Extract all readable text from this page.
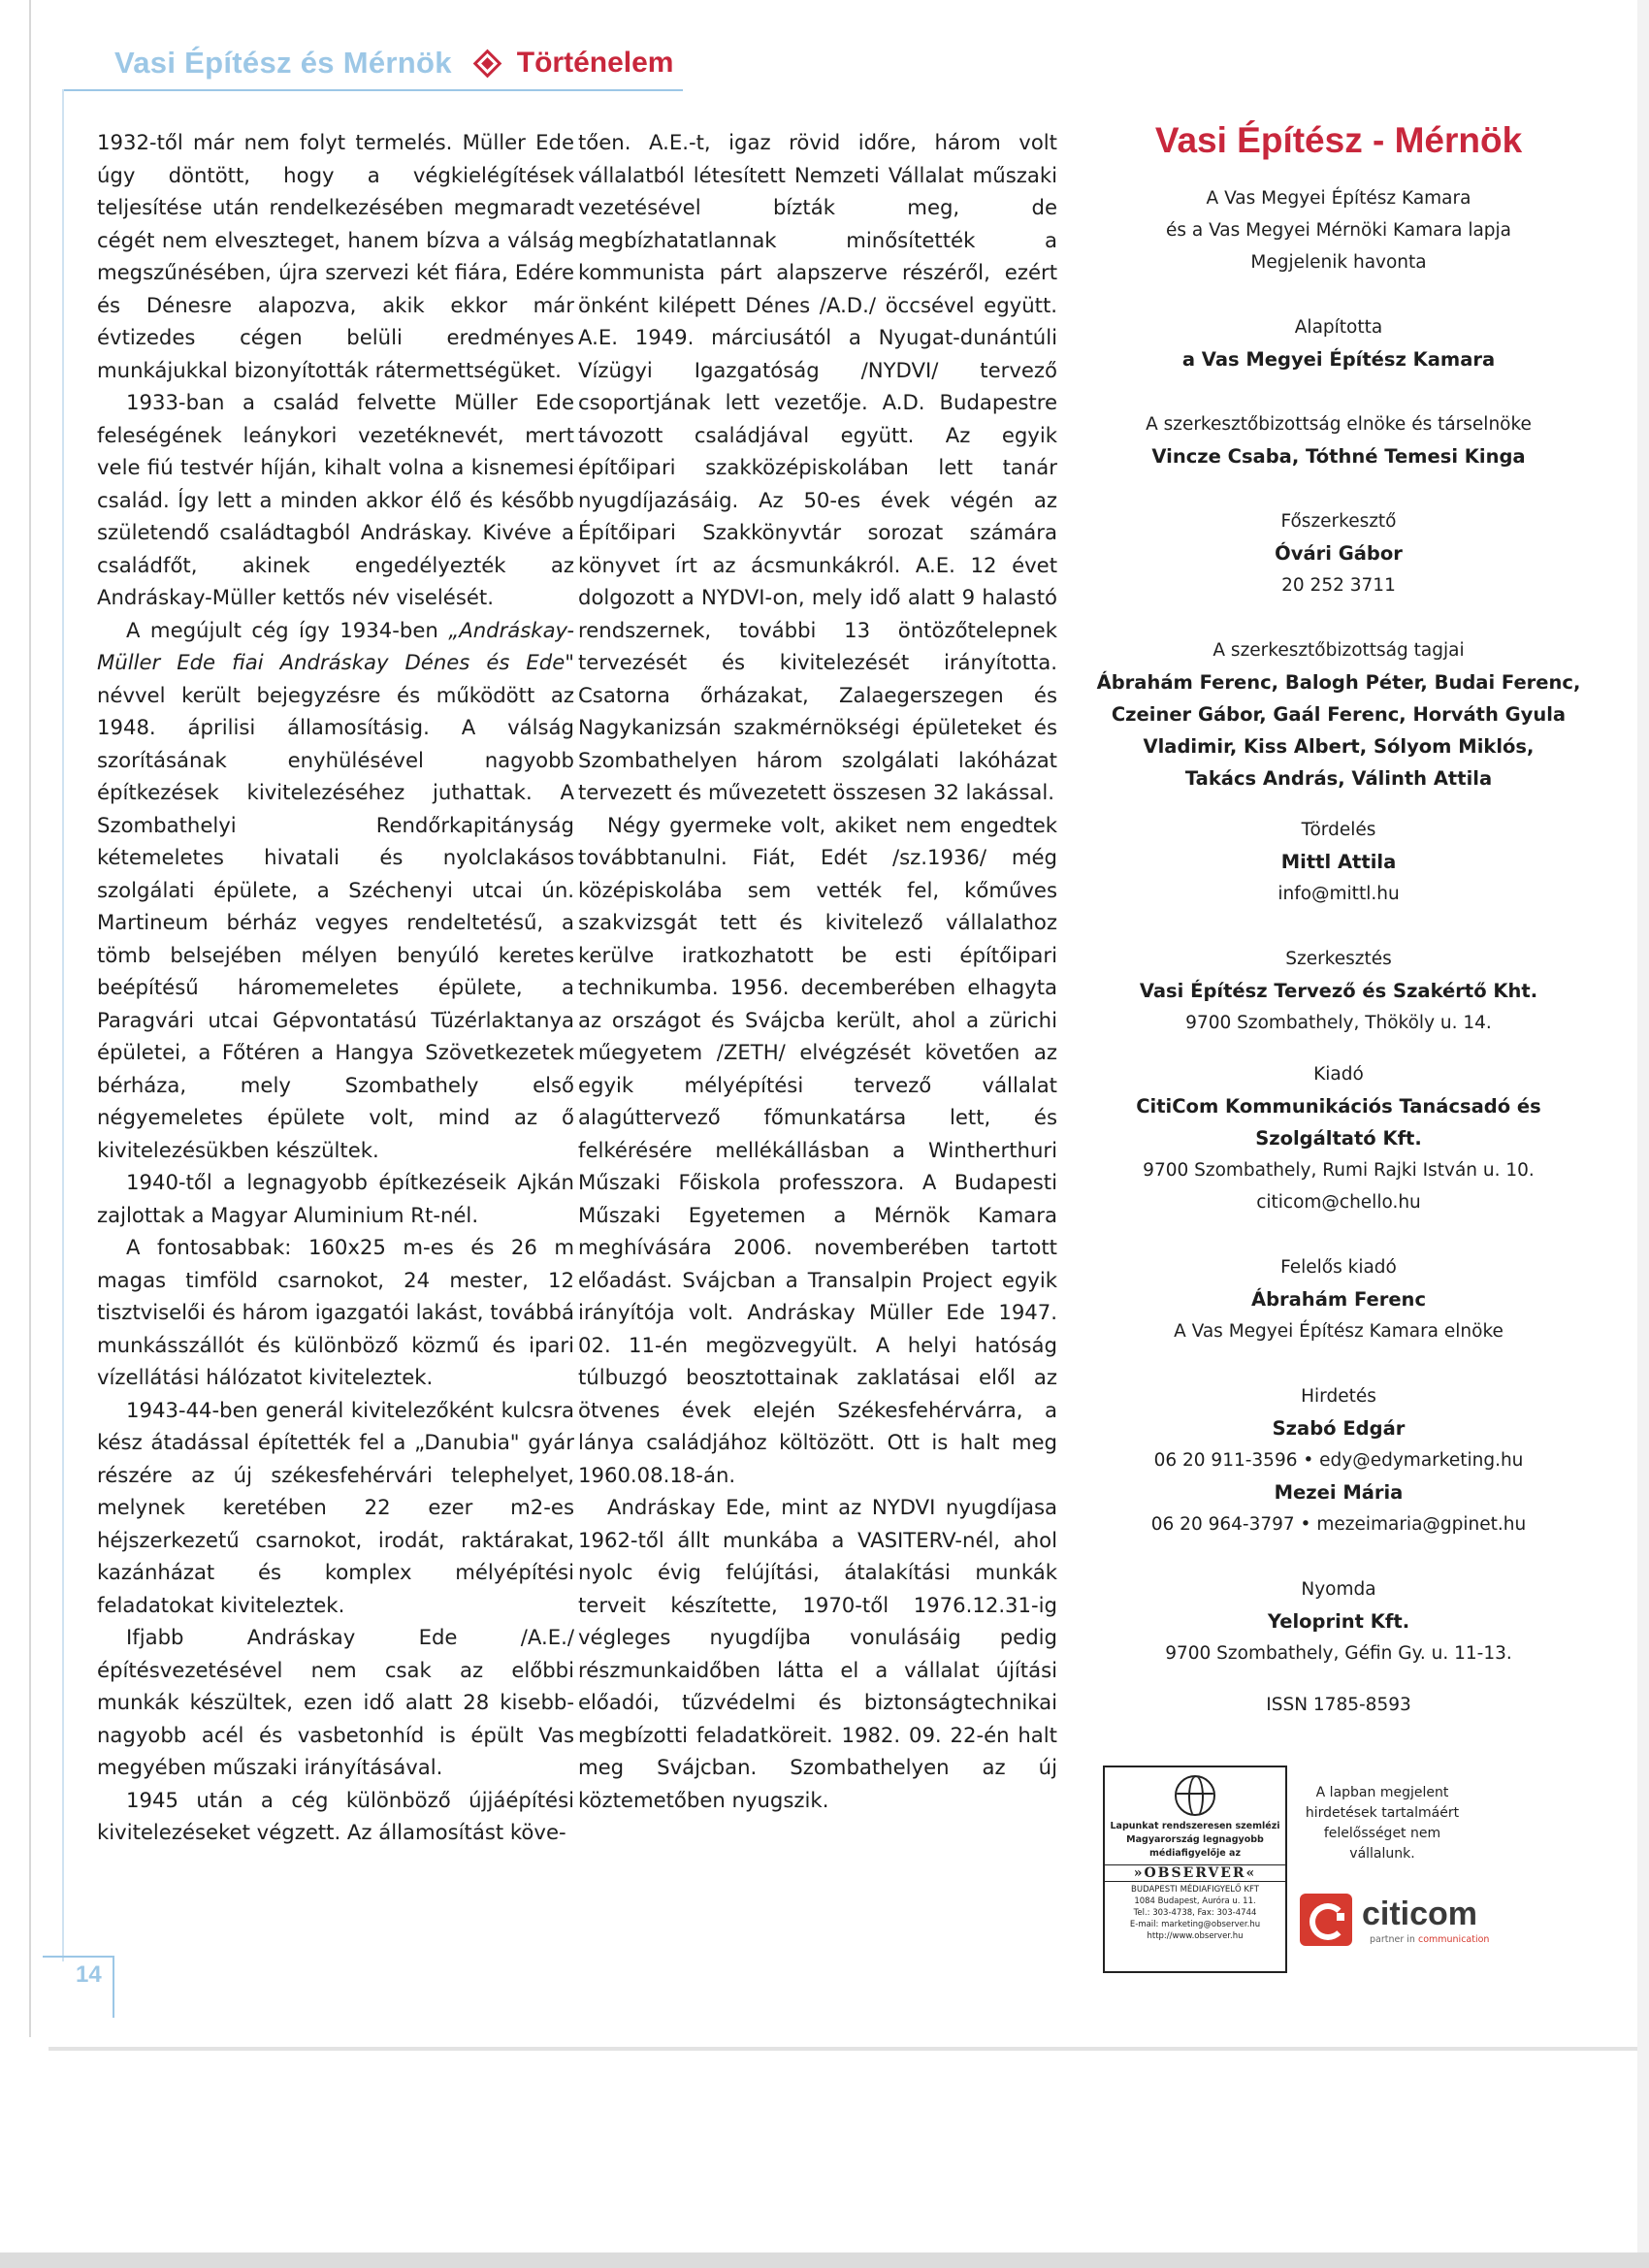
Vasi Építész és Mérnök Történelem

1932-től már nem folyt termelés. Müller Ede úgy döntött, hogy a végkielégítések teljesítése után rendelkezésében megmaradt cégét nem elveszteget, hanem bízva a válság megszűnésében, újra szervezi két fiára, Edére és Dénesre alapozva, akik ekkor már évtizedes cégen belüli eredményes munkájukkal bizonyították rátermettségüket.

1933-ban a család felvette Müller Ede feleségének leánykori vezetéknevét, mert vele fiú testvér híján, kihalt volna a kisnemesi család. Így lett a minden akkor élő és később születendő családtagból Andráskay. Kivéve a családfőt, akinek engedélyezték az Andráskay-Müller kettős név viselését.

A megújult cég így 1934-ben „Andráskay-Müller Ede fiai Andráskay Dénes és Ede" névvel került bejegyzésre és működött az 1948. áprilisi államosításig. A válság szorításának enyhülésével nagyobb építkezések kivitelezéséhez juthattak. A Szombathelyi Rendőrkapitányság kétemeletes hivatali és nyolclakásos szolgálati épülete, a Széchenyi utcai ún. Martineum bérház vegyes rendeltetésű, a tömb belsejében mélyen benyúló keretes beépítésű háromemeletes épülete, a Paragvári utcai Gépvontatású Tüzérlaktanya épületei, a Főtéren a Hangya Szövetkezetek bérháza, mely Szombathely első négyemeletes épülete volt, mind az ő kivitelezésükben készültek.

1940-től a legnagyobb építkezéseik Ajkán zajlottak a Magyar Aluminium Rt-nél.

A fontosabbak: 160x25 m-es és 26 m magas timföld csarnokot, 24 mester, 12 tisztviselői és három igazgatói lakást, továbbá munkásszállót és különböző közmű és ipari vízellátási hálózatot kiviteleztek.

1943-44-ben generál kivitelezőként kulcsra kész átadással építették fel a „Danubia" gyár részére az új székesfehérvári telephelyet, melynek keretében 22 ezer m2-es héjszerkezetű csarnokot, irodát, raktárakat, kazánházat és komplex mélyépítési feladatokat kiviteleztek.

Ifjabb Andráskay Ede /A.E./ építésvezetésével nem csak az előbbi munkák készültek, ezen idő alatt 28 kisebb-nagyobb acél és vasbetonhíd is épült Vas megyében műszaki irányításával.

1945 után a cég különböző újjáépítési kivitelezéseket végzett. Az államosítást köve-

tően. A.E.-t, igaz rövid időre, három volt vállalatból létesített Nemzeti Vállalat műszaki vezetésével bízták meg, de megbízhatatlannak minősítették a kommunista párt alapszerve részéről, ezért önként kilépett Dénes /A.D./ öccsével együtt. A.E. 1949. márciusától a Nyugat-dunántúli Vízügyi Igazgatóság /NYDVI/ tervező csoportjának lett vezetője. A.D. Budapestre távozott családjával együtt. Az egyik építőipari szakközépiskolában lett tanár nyugdíjazásáig. Az 50-es évek végén az Építőipari Szakkönyvtár sorozat számára könyvet írt az ácsmunkákról. A.E. 12 évet dolgozott a NYDVI-on, mely idő alatt 9 halastó rendszernek, további 13 öntözőtelepnek tervezését és kivitelezését irányította. Csatorna őrházakat, Zalaegerszegen és Nagykanizsán szakmérnökségi épületeket és Szombathelyen három szolgálati lakóházat tervezett és művezetett összesen 32 lakással.

Négy gyermeke volt, akiket nem engedtek továbbtanulni. Fiát, Edét /sz.1936/ még középiskolába sem vették fel, kőműves szakvizsgát tett és kivitelező vállalathoz kerülve iratkozhatott be esti építőipari technikumba. 1956. decemberében elhagyta az országot és Svájcba került, ahol a zürichi műegyetem /ZETH/ elvégzését követően az egyik mélyépítési tervező vállalat alagúttervező főmunkatársa lett, és felkérésére mellékállásban a Wintherthuri Műszaki Főiskola professzora. A Budapesti Műszaki Egyetemen a Mérnök Kamara meghívására 2006. novemberében tartott előadást. Svájcban a Transalpin Project egyik irányítója volt. Andráskay Müller Ede 1947. 02. 11-én megözvegyült. A helyi hatóság túlbuzgó beosztottainak zaklatásai elől az ötvenes évek elején Székesfehérvárra, a lánya családjához költözött. Ott is halt meg 1960.08.18-án.

Andráskay Ede, mint az NYDVI nyugdíjasa 1962-től állt munkába a VASITERV-nél, ahol nyolc évig felújítási, átalakítási munkák terveit készítette, 1970-től 1976.12.31-ig végleges nyugdíjba vonulásáig pedig részmunkaidőben látta el a vállalat újítási előadói, tűzvédelmi és biztonságtechnikai megbízotti feladatköreit. 1982. 09. 22-én halt meg Svájcban. Szombathelyen az új köztemetőben nyugszik.

14
Vasi Építész - Mérnök
A Vas Megyei Építész Kamara
és a Vas Megyei Mérnöki Kamara lapja
Megjelenik havonta
Alapította
a Vas Megyei Építész Kamara
A szerkesztőbizottság elnöke és társelnöke
Vincze Csaba, Tóthné Temesi Kinga
Főszerkesztő
Óvári Gábor
20 252 3711
A szerkesztőbizottság tagjai
Ábrahám Ferenc, Balogh Péter, Budai Ferenc,
Czeiner Gábor, Gaál Ferenc, Horváth Gyula
Vladimir, Kiss Albert, Sólyom Miklós,
Takács András, Válinth Attila
Tördelés
Mittl Attila
info@mittl.hu
Szerkesztés
Vasi Építész Tervező és Szakértő Kht.
9700 Szombathely, Thököly u. 14.
Kiadó
CitiCom Kommunikációs Tanácsadó és
Szolgáltató Kft.
9700 Szombathely, Rumi Rajki István u. 10.
citicom@chello.hu
Felelős kiadó
Ábrahám Ferenc
A Vas Megyei Építész Kamara elnöke
Hirdetés
Szabó Edgár
06 20 911-3596 • edy@edymarketing.hu
Mezei Mária
06 20 964-3797 • mezeimaria@gpinet.hu
Nyomda
Yeloprint Kft.
9700 Szombathely, Géfin Gy. u. 11-13.
ISSN 1785-8593
Lapunkat rendszeresen szemlézi
Magyarország legnagyobb
médiafigyelője az
»OBSERVER«
BUDAPESTI MÉDIAFIGYELŐ KFT
1084 Budapest, Auróra u. 11.
Tel.: 303-4738, Fax: 303-4744
E-mail: marketing@observer.hu
http://www.observer.hu
A lapban megjelent hirdetések tartalmáért felelősséget nem vállalunk.
citicom
partner in communication
